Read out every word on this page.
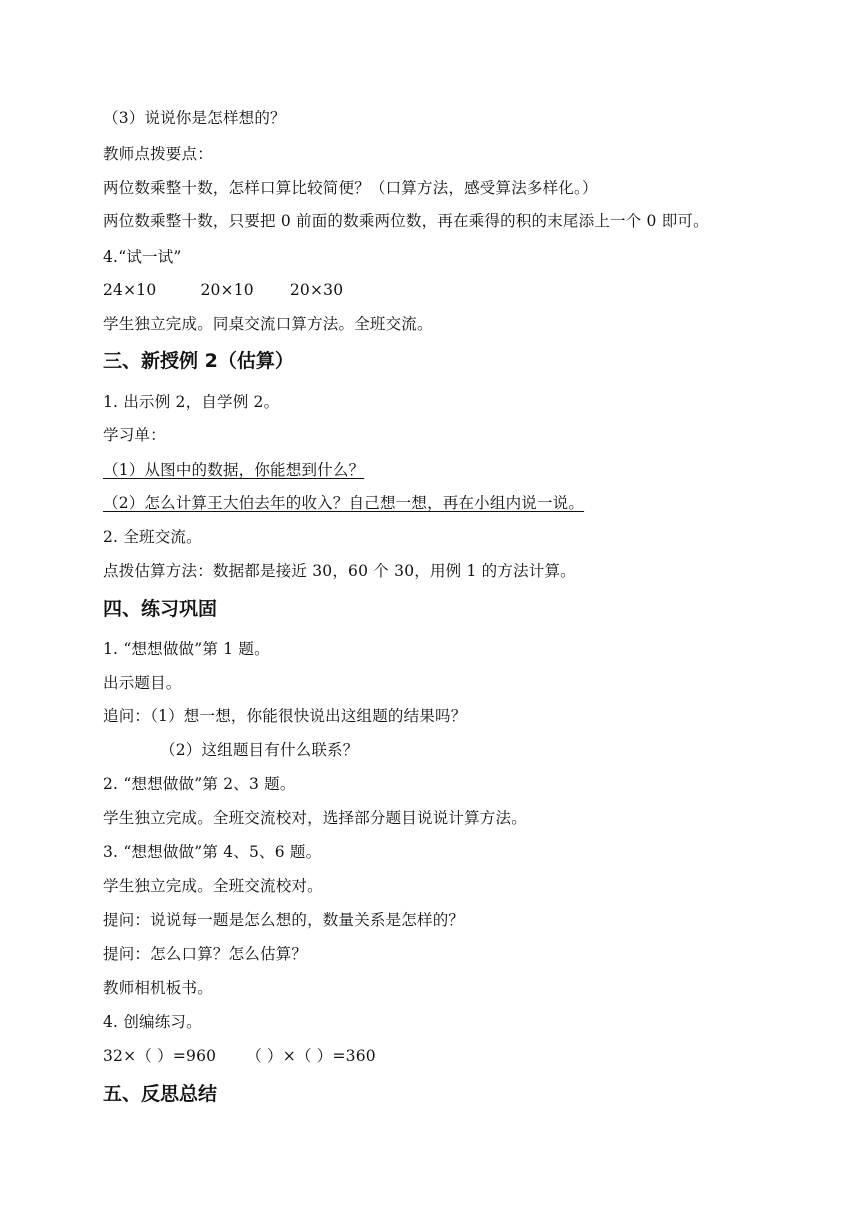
（3）说说你是怎样想的？
教师点拨要点：
两位数乘整十数，怎样口算比较简便？（口算方法，感受算法多样化。）
两位数乘整十数，只要把 0 前面的数乘两位数，再在乘得的积的末尾添上一个 0 即可。
4.“试一试”
24×10	20×10 20×30
学生独立完成。同桌交流口算方法。全班交流。
三、新授例 2（估算）
1. 出示例 2，自学例 2。
学习单：
（1）从图中的数据，你能想到什么？
（2）怎么计算王大伯去年的收入？自己想一想，再在小组内说一说。
2. 全班交流。
点拨估算方法：数据都是接近 30，60 个 30，用例 1 的方法计算。
四、练习巩固
1. “想想做做”第 1 题。
出示题目。
追问：（1）想一想，你能很快说出这组题的结果吗？
（2）这组题目有什么联系？
2. “想想做做”第 2、3 题。
学生独立完成。全班交流校对，选择部分题目说说计算方法。
3. “想想做做”第 4、5、6 题。
学生独立完成。全班交流校对。
提问：说说每一题是怎么想的，数量关系是怎样的？
提问：怎么口算？怎么估算？
教师相机板书。
4. 创编练习。
32×（ ）=960 （ ）×（ ）=360
五、反思总结
